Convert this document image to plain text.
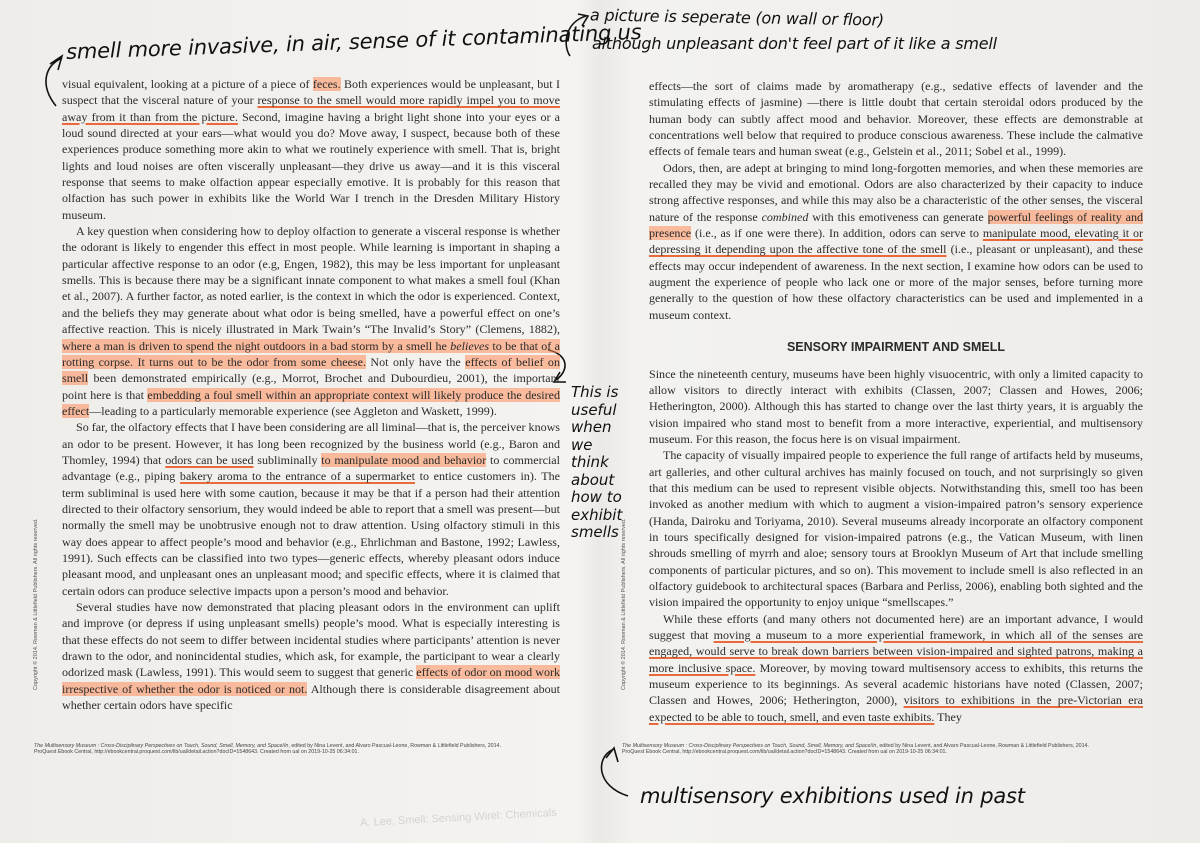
smell more invasive, in air, sense of it contaminating us
a picture is seperate (on wall or floor)
although unpleasant don't feel part of it like a smell
This is
useful
when we
think
about
how to
exhibit
smells
multisensory exhibitions used in past

visual equivalent, looking at a picture of a piece of feces. Both experiences would be unpleasant, but I suspect that the visceral nature of your response to the smell would more rapidly impel you to move away from it than from the picture. Second, imagine having a bright light shone into your eyes or a loud sound directed at your ears—what would you do? Move away, I suspect, because both of these experiences produce something more akin to what we routinely experience with smell. That is, bright lights and loud noises are often viscerally unpleasant—they drive us away—and it is this visceral response that seems to make olfaction appear especially emotive. It is probably for this reason that olfaction has such power in exhibits like the World War I trench in the Dresden Military History museum.

A key question when considering how to deploy olfaction to generate a visceral response is whether the odorant is likely to engender this effect in most people. While learning is important in shaping a particular affective response to an odor (e.g, Engen, 1982), this may be less important for unpleasant smells. This is because there may be a significant innate component to what makes a smell foul (Khan et al., 2007). A further factor, as noted earlier, is the context in which the odor is experienced. Context, and the beliefs they may generate about what odor is being smelled, have a powerful effect on one’s affective reaction. This is nicely illustrated in Mark Twain’s “The Invalid’s Story” (Clemens, 1882), where a man is driven to spend the night outdoors in a bad storm by a smell he believes to be that of a rotting corpse. It turns out to be the odor from some cheese. Not only have the effects of belief on smell been demonstrated empirically (e.g., Morrot, Brochet and Dubourdieu, 2001), the important point here is that embedding a foul smell within an appropriate context will likely produce the desired effect—leading to a particularly memorable experience (see Aggleton and Waskett, 1999).

So far, the olfactory effects that I have been considering are all liminal—that is, the perceiver knows an odor to be present. However, it has long been recognized by the business world (e.g., Baron and Thomley, 1994) that odors can be used subliminally to manipulate mood and behavior to commercial advantage (e.g., piping bakery aroma to the entrance of a supermarket to entice customers in). The term subliminal is used here with some caution, because it may be that if a person had their attention directed to their olfactory sensorium, they would indeed be able to report that a smell was present—but normally the smell may be unobtrusive enough not to draw attention. Using olfactory stimuli in this way does appear to affect people’s mood and behavior (e.g., Ehrlichman and Bastone, 1992; Lawless, 1991). Such effects can be classified into two types—generic effects, whereby pleasant odors induce pleasant mood, and unpleasant ones an unpleasant mood; and specific effects, where it is claimed that certain odors can produce selective impacts upon a person’s mood and behavior.

Several studies have now demonstrated that placing pleasant odors in the environment can uplift and improve (or depress if using unpleasant smells) people’s mood. What is especially interesting is that these effects do not seem to differ between incidental studies where participants’ attention is never drawn to the odor, and nonincidental studies, which ask, for example, the participant to wear a clearly odorized mask (Lawless, 1991). This would seem to suggest that generic effects of odor on mood work irrespective of whether the odor is noticed or not. Although there is considerable disagreement about whether certain odors have specific

The Multisensory Museum : Cross-Disciplinary Perspectives on Touch, Sound, Smell, Memory, and Space/In, edited by Nina Levent, and Alvaro Pascual-Leone, Rowman & Littlefield Publishers, 2014. ProQuest Ebook Central, http://ebookcentral.proquest.com/lib/ual/detail.action?docID=1548643. Created from ual on 2019-10-25 06:34:01.
Copyright © 2014. Rowman & Littlefield Publishers. All rights reserved.

effects—the sort of claims made by aromatherapy (e.g., sedative effects of lavender and the stimulating effects of jasmine) —there is little doubt that certain steroidal odors produced by the human body can subtly affect mood and behavior. Moreover, these effects are demonstrable at concentrations well below that required to produce conscious awareness. These include the calmative effects of female tears and human sweat (e.g., Gelstein et al., 2011; Sobel et al., 1999).

Odors, then, are adept at bringing to mind long-forgotten memories, and when these memories are recalled they may be vivid and emotional. Odors are also characterized by their capacity to induce strong affective responses, and while this may also be a characteristic of the other senses, the visceral nature of the response combined with this emotiveness can generate powerful feelings of reality and presence (i.e., as if one were there). In addition, odors can serve to manipulate mood, elevating it or depressing it depending upon the affective tone of the smell (i.e., pleasant or unpleasant), and these effects may occur independent of awareness. In the next section, I examine how odors can be used to augment the experience of people who lack one or more of the major senses, before turning more generally to the question of how these olfactory characteristics can be used and implemented in a museum context.

SENSORY IMPAIRMENT AND SMELL

Since the nineteenth century, museums have been highly visuocentric, with only a limited capacity to allow visitors to directly interact with exhibits (Classen, 2007; Classen and Howes, 2006; Hetherington, 2000). Although this has started to change over the last thirty years, it is arguably the vision impaired who stand most to benefit from a more interactive, experiential, and multisensory museum. For this reason, the focus here is on visual impairment.

The capacity of visually impaired people to experience the full range of artifacts held by museums, art galleries, and other cultural archives has mainly focused on touch, and not surprisingly so given that this medium can be used to represent visible objects. Notwithstanding this, smell too has been invoked as another medium with which to augment a vision-impaired patron’s sensory experience (Handa, Dairoku and Toriyama, 2010). Several museums already incorporate an olfactory component in tours specifically designed for vision-impaired patrons (e.g., the Vatican Museum, with linen shrouds smelling of myrrh and aloe; sensory tours at Brooklyn Museum of Art that include smelling components of particular pictures, and so on). This movement to include smell is also reflected in an olfactory guidebook to architectural spaces (Barbara and Perliss, 2006), enabling both sighted and the vision impaired the opportunity to enjoy unique “smellscapes.”

While these efforts (and many others not documented here) are an important advance, I would suggest that moving a museum to a more experiential framework, in which all of the senses are engaged, would serve to break down barriers between vision-impaired and sighted patrons, making a more inclusive space. Moreover, by moving toward multisensory access to exhibits, this returns the museum experience to its beginnings. As several academic historians have noted (Classen, 2007; Classen and Howes, 2006; Hetherington, 2000), visitors to exhibitions in the pre-Victorian era expected to be able to touch, smell, and even taste exhibits. They

The Multisensory Museum : Cross-Disciplinary Perspectives on Touch, Sound, Smell, Memory, and Space/In, edited by Nina Levent, and Alvaro Pascual-Leone, Rowman & Littlefield Publishers, 2014. ProQuest Ebook Central, http://ebookcentral.proquest.com/lib/ual/detail.action?docID=1548643. Created from ual on 2019-10-25 06:34:01.
Copyright © 2014. Rowman & Littlefield Publishers. All rights reserved.
A. Lee, Smell: Sensing Wirel: Chemicals
